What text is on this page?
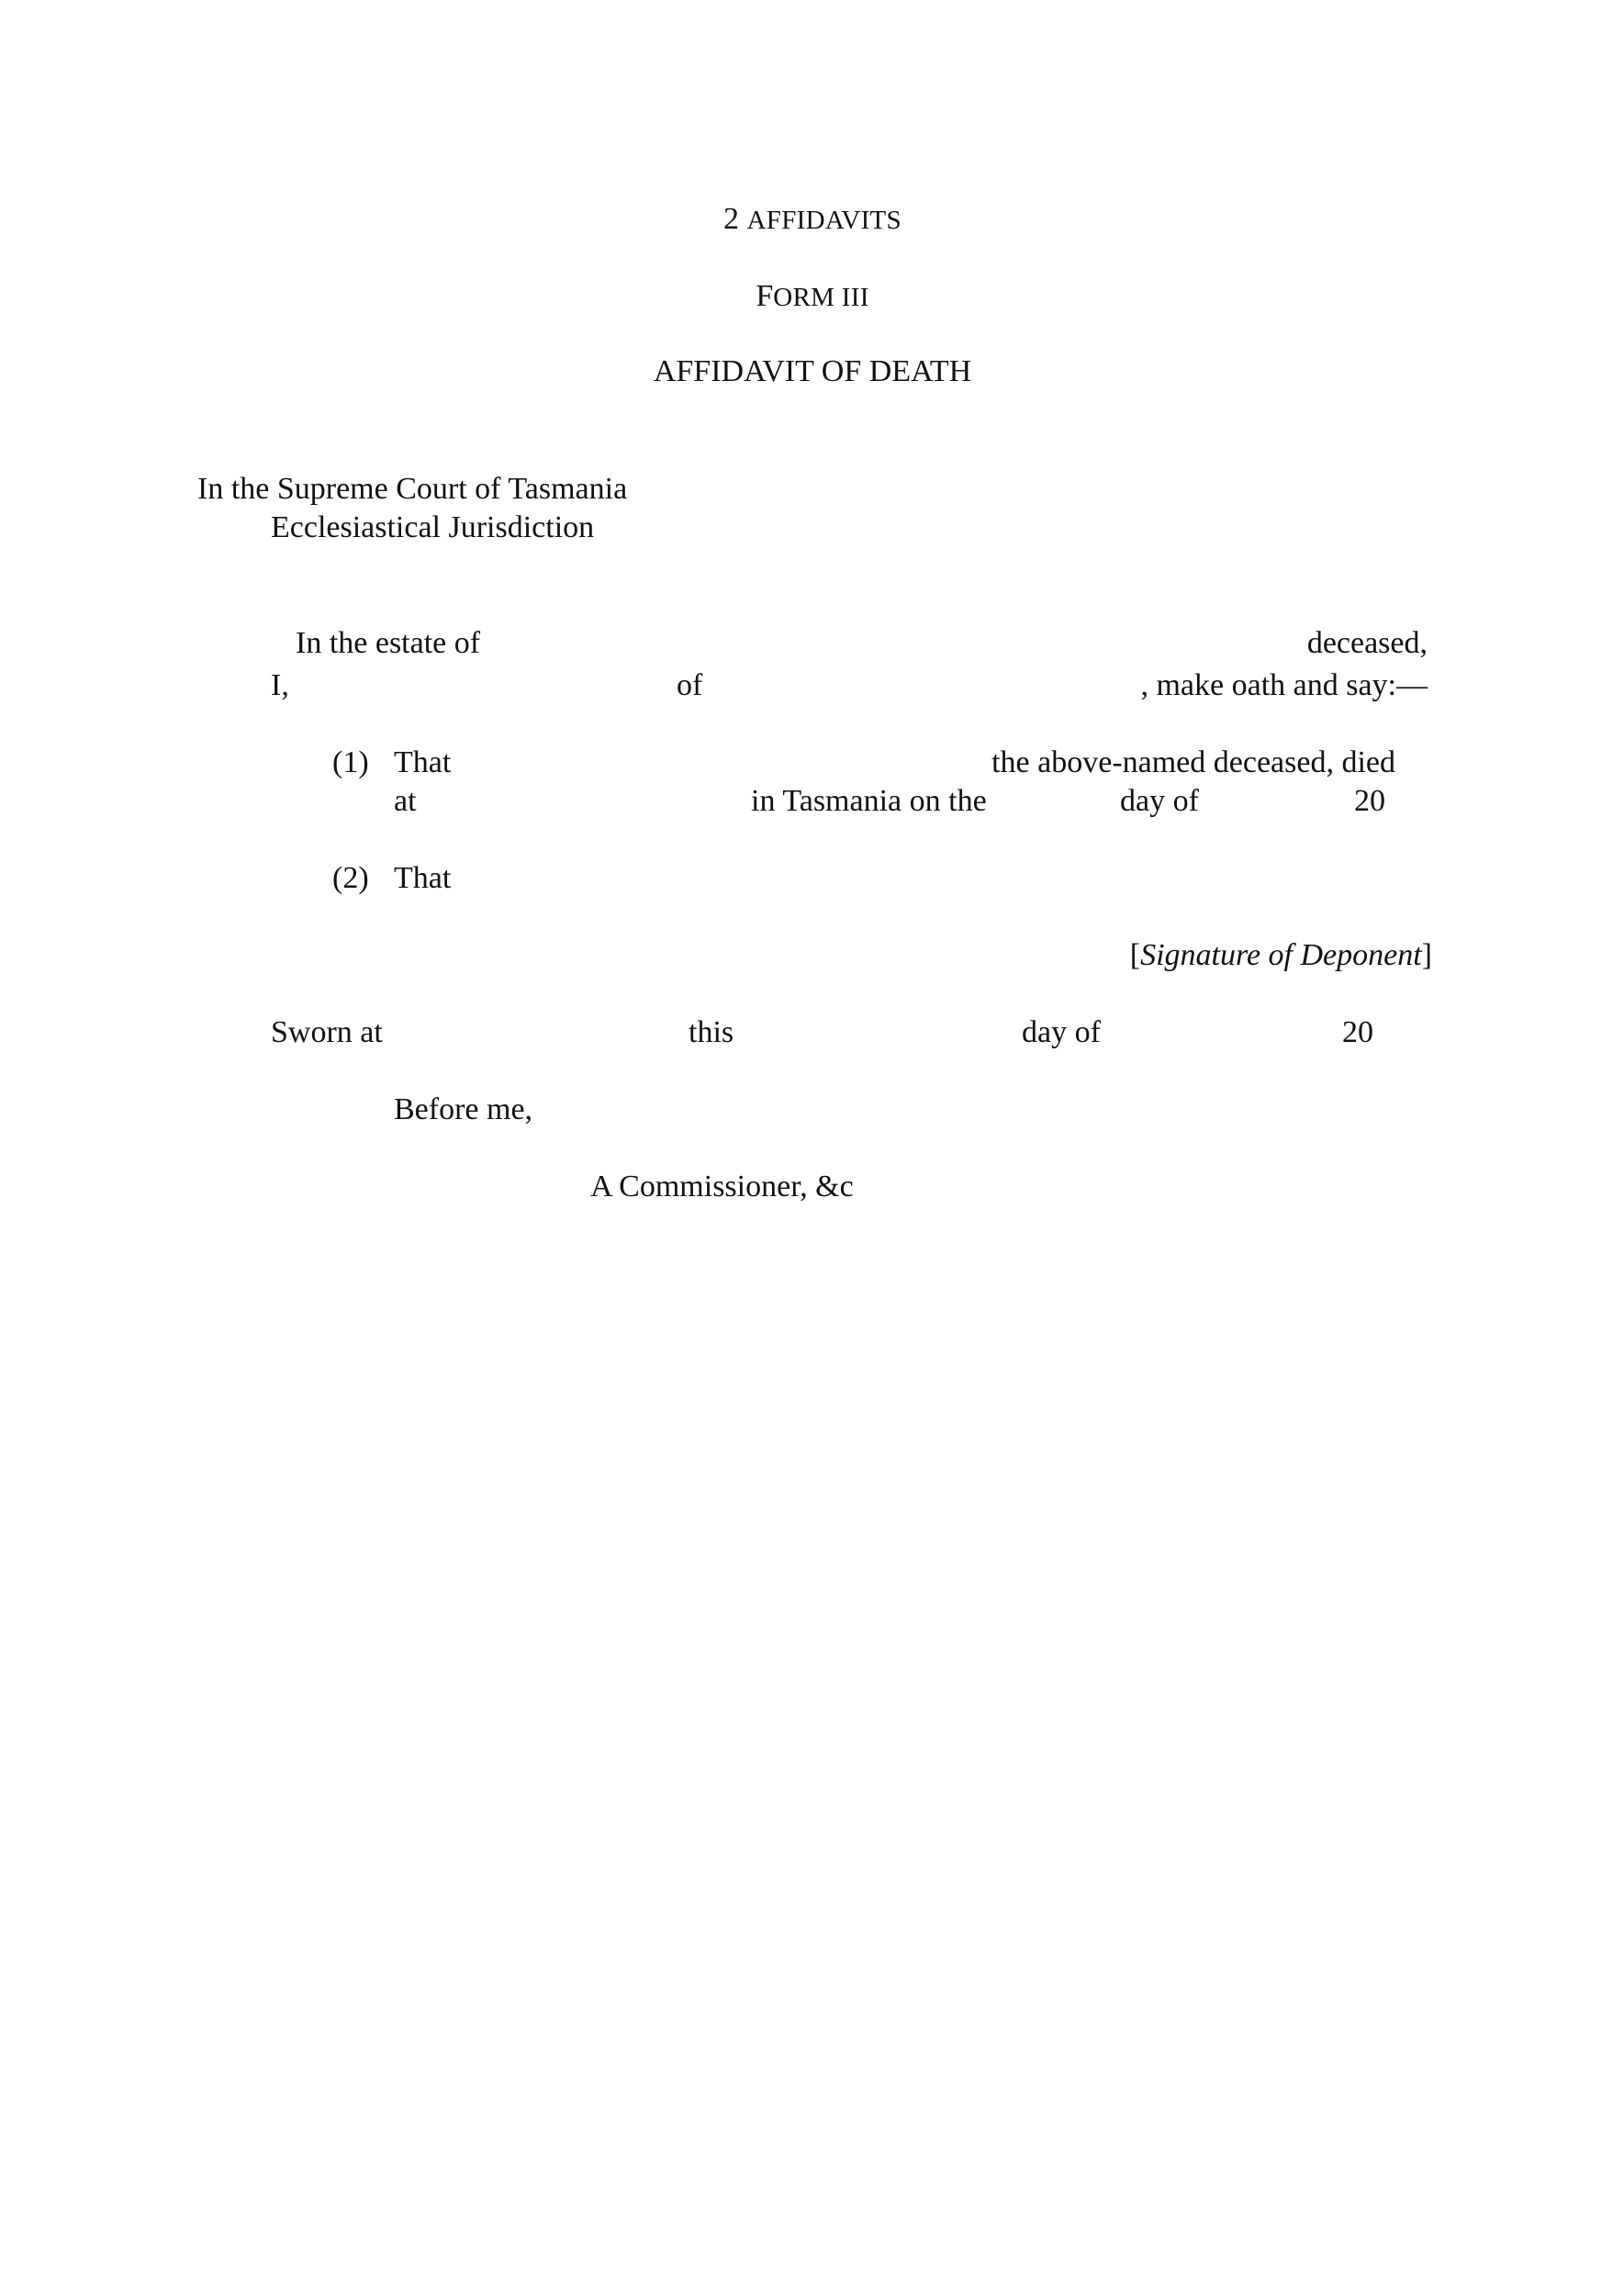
2 AFFIDAVITS
FORM III
AFFIDAVIT OF DEATH
In the Supreme Court of Tasmania
Ecclesiastical Jurisdiction
In the estate of	deceased,
I,	of	, make oath and say:—
(1) That	the above-named deceased, died
at	in Tasmania on the	day of	20
(2) That
[Signature of Deponent]
Sworn at	this	day of	20
Before me,
A Commissioner, &c
